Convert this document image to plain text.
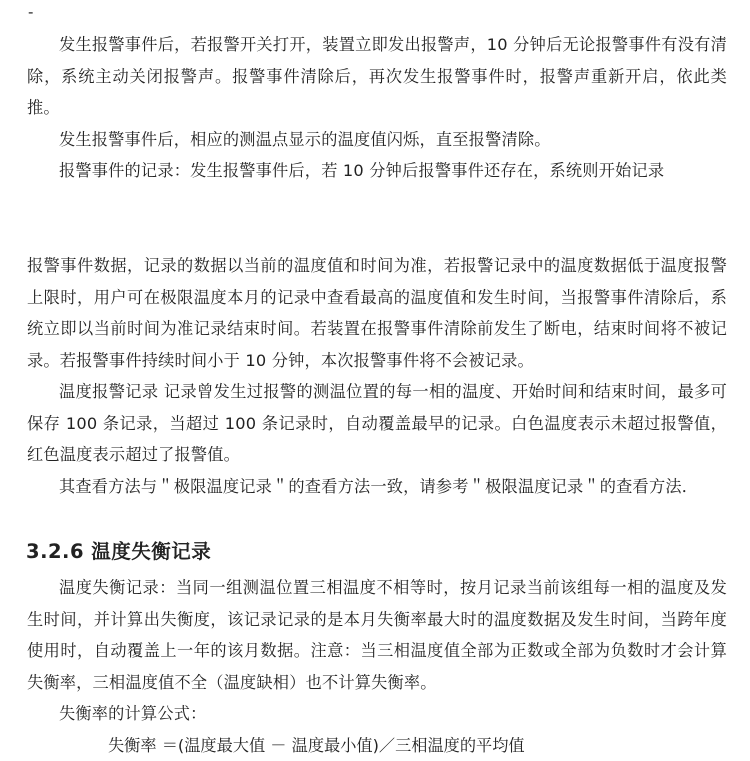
-

发生报警事件后，若报警开关打开，装置立即发出报警声，10 分钟后无论报警事件有没有清除，系统主动关闭报警声。报警事件清除后，再次发生报警事件时，报警声重新开启，依此类推。

发生报警事件后，相应的测温点显示的温度值闪烁，直至报警清除。

报警事件的记录：发生报警事件后，若 10 分钟后报警事件还存在，系统则开始记录

报警事件数据，记录的数据以当前的温度值和时间为准，若报警记录中的温度数据低于温度报警上限时，用户可在极限温度本月的记录中查看最高的温度值和发生时间，当报警事件清除后，系统立即以当前时间为准记录结束时间。若装置在报警事件清除前发生了断电，结束时间将不被记录。若报警事件持续时间小于 10 分钟，本次报警事件将不会被记录。

温度报警记录 记录曾发生过报警的测温位置的每一相的温度、开始时间和结束时间，最多可保存 100 条记录，当超过 100 条记录时，自动覆盖最早的记录。白色温度表示未超过报警值，红色温度表示超过了报警值。

其查看方法与＂极限温度记录＂的查看方法一致，请参考＂极限温度记录＂的查看方法．

3.2.6 温度失衡记录

温度失衡记录：当同一组测温位置三相温度不相等时，按月记录当前该组每一相的温度及发生时间，并计算出失衡度，该记录记录的是本月失衡率最大时的温度数据及发生时间，当跨年度使用时，自动覆盖上一年的该月数据。注意：当三相温度值全部为正数或全部为负数时才会计算失衡率，三相温度值不全（温度缺相）也不计算失衡率。

失衡率的计算公式：

失衡率 ＝(温度最大值 － 温度最小值)／三相温度的平均值
